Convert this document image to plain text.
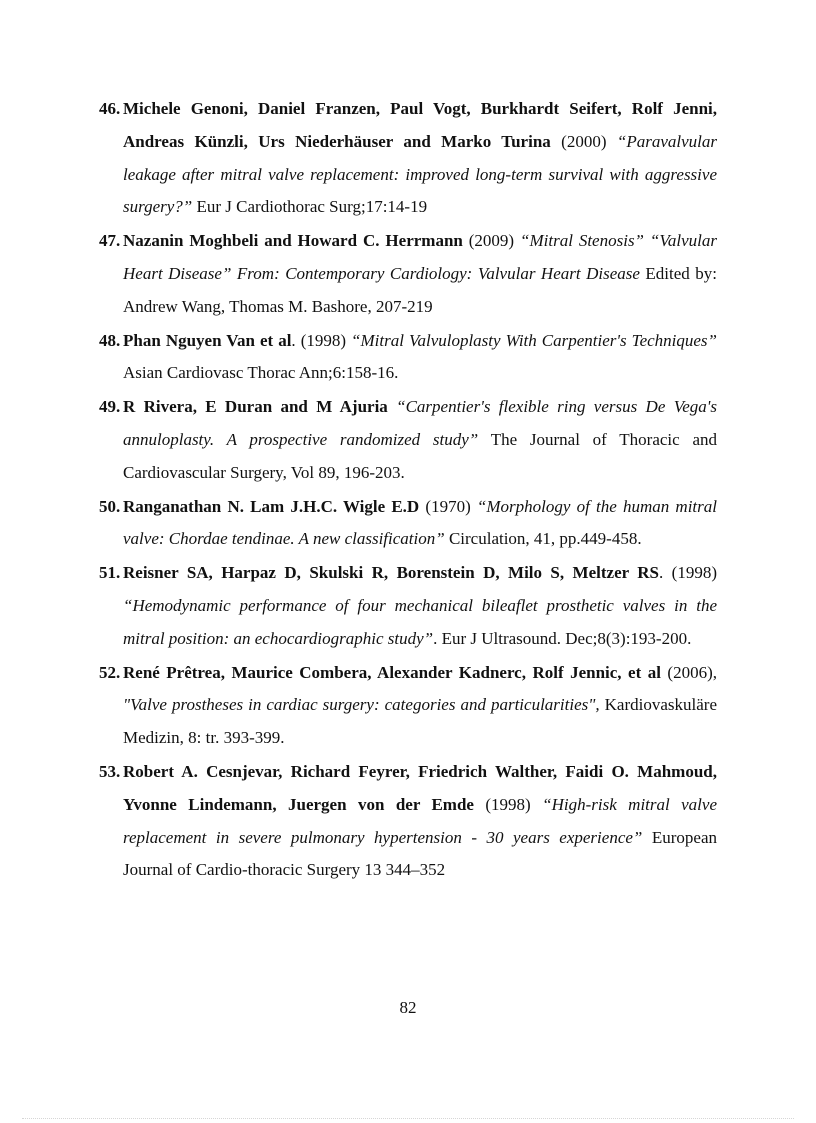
46. Michele Genoni, Daniel Franzen, Paul Vogt, Burkhardt Seifert, Rolf Jenni, Andreas Künzli, Urs Niederhäuser and Marko Turina (2000) “Paravalvular leakage after mitral valve replacement: improved long-term survival with aggressive surgery?” Eur J Cardiothorac Surg;17:14-19
47. Nazanin Moghbeli and Howard C. Herrmann (2009) “Mitral Stenosis” “Valvular Heart Disease” From: Contemporary Cardiology: Valvular Heart Disease Edited by: Andrew Wang, Thomas M. Bashore, 207-219
48. Phan Nguyen Van et al. (1998) “Mitral Valvuloplasty With Carpentier's Techniques” Asian Cardiovasc Thorac Ann;6:158-16.
49. R Rivera, E Duran and M Ajuria “Carpentier's flexible ring versus De Vega's annuloplasty. A prospective randomized study” The Journal of Thoracic and Cardiovascular Surgery, Vol 89, 196-203.
50. Ranganathan N. Lam J.H.C. Wigle E.D (1970) “Morphology of the human mitral valve: Chordae tendinae. A new classification” Circulation, 41, pp.449-458.
51. Reisner SA, Harpaz D, Skulski R, Borenstein D, Milo S, Meltzer RS. (1998) “Hemodynamic performance of four mechanical bileaflet prosthetic valves in the mitral position: an echocardiographic study”. Eur J Ultrasound. Dec;8(3):193-200.
52. René Prêtrea, Maurice Combera, Alexander Kadnerc, Rolf Jennic, et al (2006), "Valve prostheses in cardiac surgery: categories and particularities", Kardiovaskuläre Medizin, 8: tr. 393-399.
53. Robert A. Cesnjevar, Richard Feyrer, Friedrich Walther, Faidi O. Mahmoud, Yvonne Lindemann, Juergen von der Emde (1998) “High-risk mitral valve replacement in severe pulmonary hypertension - 30 years experience” European Journal of Cardio-thoracic Surgery 13 344–352
82
